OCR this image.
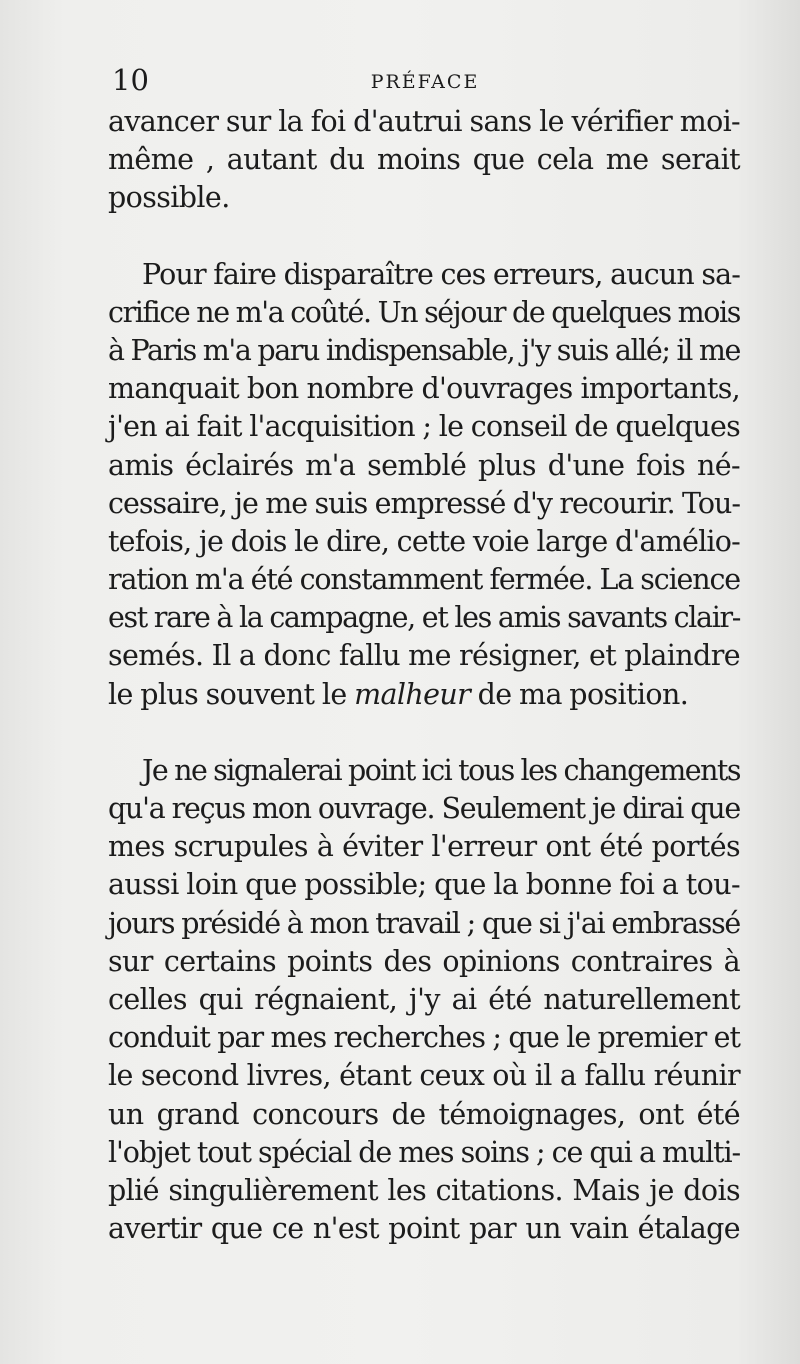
10	PRÉFACE
avancer sur la foi d'autrui sans le vérifier moi-
même , autant du moins que cela me serait
possible.
Pour faire disparaître ces erreurs, aucun sa-
crifice ne m'a coûté. Un séjour de quelques mois
à Paris m'a paru indispensable, j'y suis allé; il me
manquait bon nombre d'ouvrages importants,
j'en ai fait l'acquisition ; le conseil de quelques
amis éclairés m'a semblé plus d'une fois né-
cessaire, je me suis empressé d'y recourir. Tou-
tefois, je dois le dire, cette voie large d'amélio-
ration m'a été constamment fermée. La science
est rare à la campagne, et les amis savants clair-
semés. Il a donc fallu me résigner, et plaindre
le plus souvent le malheur de ma position.
Je ne signalerai point ici tous les changements
qu'a reçus mon ouvrage. Seulement je dirai que
mes scrupules à éviter l'erreur ont été portés
aussi loin que possible; que la bonne foi a tou-
jours présidé à mon travail ; que si j'ai embrassé
sur certains points des opinions contraires à
celles qui régnaient, j'y ai été naturellement
conduit par mes recherches ; que le premier et
le second livres, étant ceux où il a fallu réunir
un grand concours de témoignages, ont été
l'objet tout spécial de mes soins ; ce qui a multi-
plié singulièrement les citations. Mais je dois
avertir que ce n'est point par un vain étalage
